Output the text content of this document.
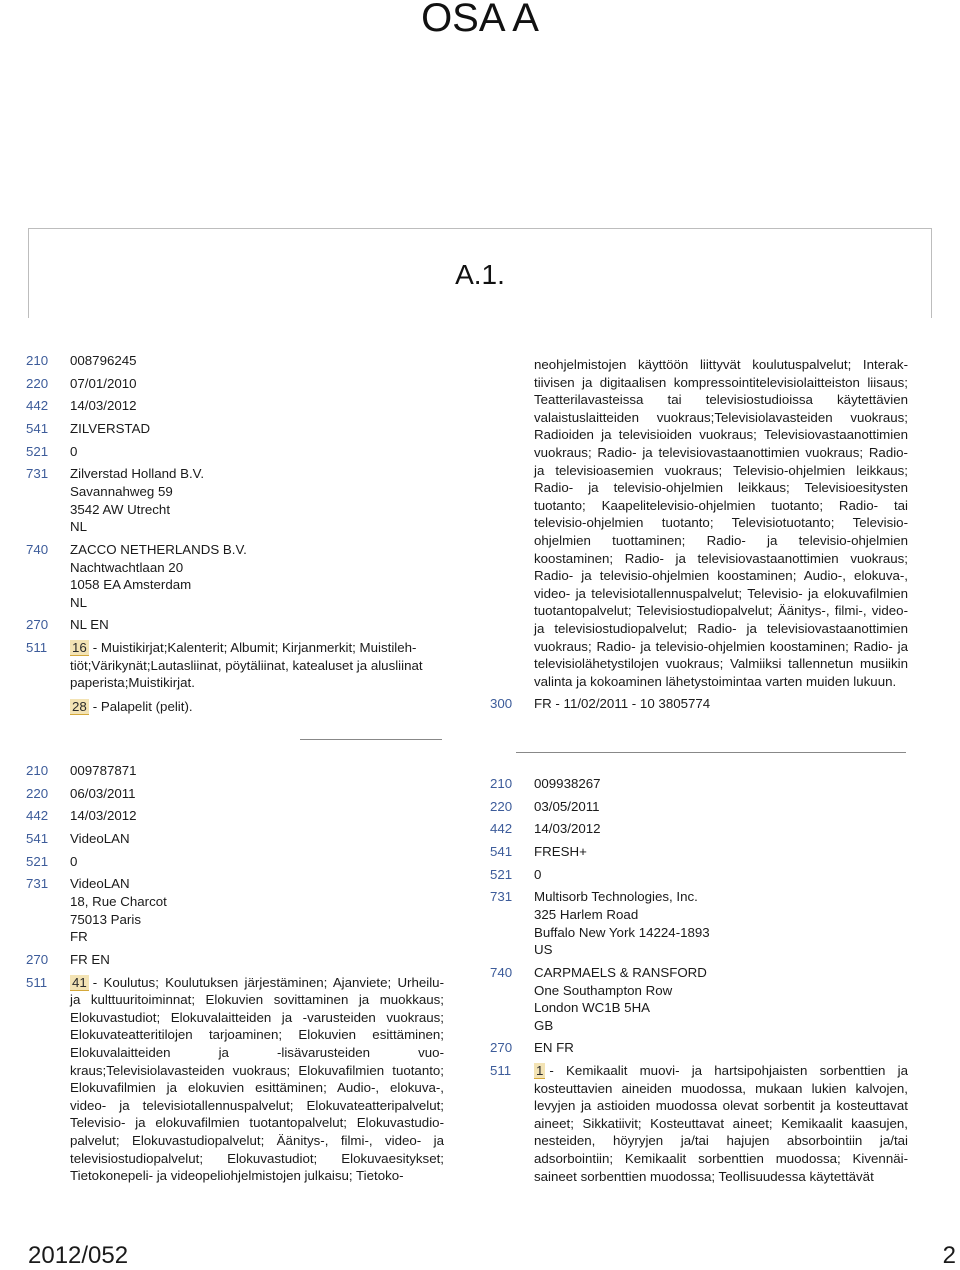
OSA A
A.1.
210	008796245
220	07/01/2010
442	14/03/2012
541	ZILVERSTAD
521	0
731	Zilverstad Holland B.V.
Savannahweg 59
3542 AW Utrecht
NL
740	ZACCO NETHERLANDS B.V.
Nachtwachtlaan 20
1058 EA Amsterdam
NL
270	NL EN
511	16 - Muistikirjat;Kalenterit; Albumit; Kirjanmerkit; Muistilehtiöt;Värikynät;Lautasliinat, pöytäliinat, katealuset ja alusliinat paperista;Muistikirjat.
28 - Palapelit (pelit).
210	009787871
220	06/03/2011
442	14/03/2012
541	VideoLAN
521	0
731	VideoLAN
18, Rue Charcot
75013 Paris
FR
270	FR EN
511	41 - Koulutus; Koulutuksen järjestäminen; Ajanviete; Urheilu- ja kulttuuritoiminnat; Elokuvien sovittaminen ja muokkaus; Elokuvastudiot; Elokuvalaitteiden ja -varusteiden vuokraus; Elokuvateatteritilojen tarjoaminen; Elokuvien esittäminen; Elokuvalaitteiden ja -lisävarusteiden vuokraus;Televisiolavasteiden vuokraus; Elokuvafilmien tuotanto; Elokuvafilmien ja elokuvien esittäminen; Audio-, elokuva-, video- ja televisiotallennuspalvelut; Elokuvateatteripalvelut; Televisio- ja elokuvafilmien tuotantopalvelut; Elokuvastudiopalvelut; Elokuvastudiopalvelut; Äänitys-, filmi-, video- ja televisiostudiopalvelut; Elokuvastudiot; Elokuvaesitykset; Tietokonepeli- ja videopeliohjelmistojen julkaisu; Tietoko-
neohjelmistojen käyttöön liittyvät koulutuspalvelut; Interaktiivisen ja digitaalisen kompressointitelevisiolaitteiston liisaus; Teatterilavasteissa tai televisiostudioissa käytettävien valaistuslaitteiden vuokraus;Televisiolavasteiden vuokraus; Radioiden ja televisioiden vuokraus; Televisiovastaanottimien vuokraus; Radio- ja televisiovastaanottimien vuokraus; Radio- ja televisioasemien vuokraus; Televisio-ohjelmien leikkaus; Radio- ja televisio-ohjelmien leikkaus; Televisioesitysten tuotanto; Kaapelitelevisio-ohjelmien tuotanto; Radio- tai televisio-ohjelmien tuotanto; Televisiotuotanto; Televisio-ohjelmien tuottaminen; Radio- ja televisio-ohjelmien koostaminen; Radio- ja televisiovastaanottimien vuokraus; Radio- ja televisio-ohjelmien koostaminen; Audio-, elokuva-, video- ja televisiotallennuspalvelut; Televisio- ja elokuvafilmien tuotantopalvelut; Televisiostudiopalvelut; Äänitys-, filmi-, video- ja televisiostudiopalvelut; Radio- ja televisiovastaanottimien vuokraus; Radio- ja televisio-ohjelmien koostaminen; Radio- ja televisiolähetystilojen vuokraus; Valmiiksi tallennetun musiikin valinta ja kokoaminen lähetystoimintaa varten muiden lukuun.
300	FR - 11/02/2011 - 10 3805774
210	009938267
220	03/05/2011
442	14/03/2012
541	FRESH+
521	0
731	Multisorb Technologies, Inc.
325 Harlem Road
Buffalo New York 14224-1893
US
740	CARPMAELS & RANSFORD
One Southampton Row
London WC1B 5HA
GB
270	EN FR
511	1 - Kemikaalit muovi- ja hartsipohjaisten sorbenttien ja kosteuttavien aineiden muodossa, mukaan lukien kalvojen, levyjen ja astioiden muodossa olevat sorbentit ja kosteuttavat aineet; Sikkatiivit; Kosteuttavat aineet; Kemikaalit kaasujen, nesteiden, höyryjen ja/tai hajujen absorbointiin ja/tai adsorbointiin; Kemikaalit sorbenttien muodossa; Kivennäisaineet sorbenttien muodossa; Teollisuudessa käytettävät
2012/052	2
